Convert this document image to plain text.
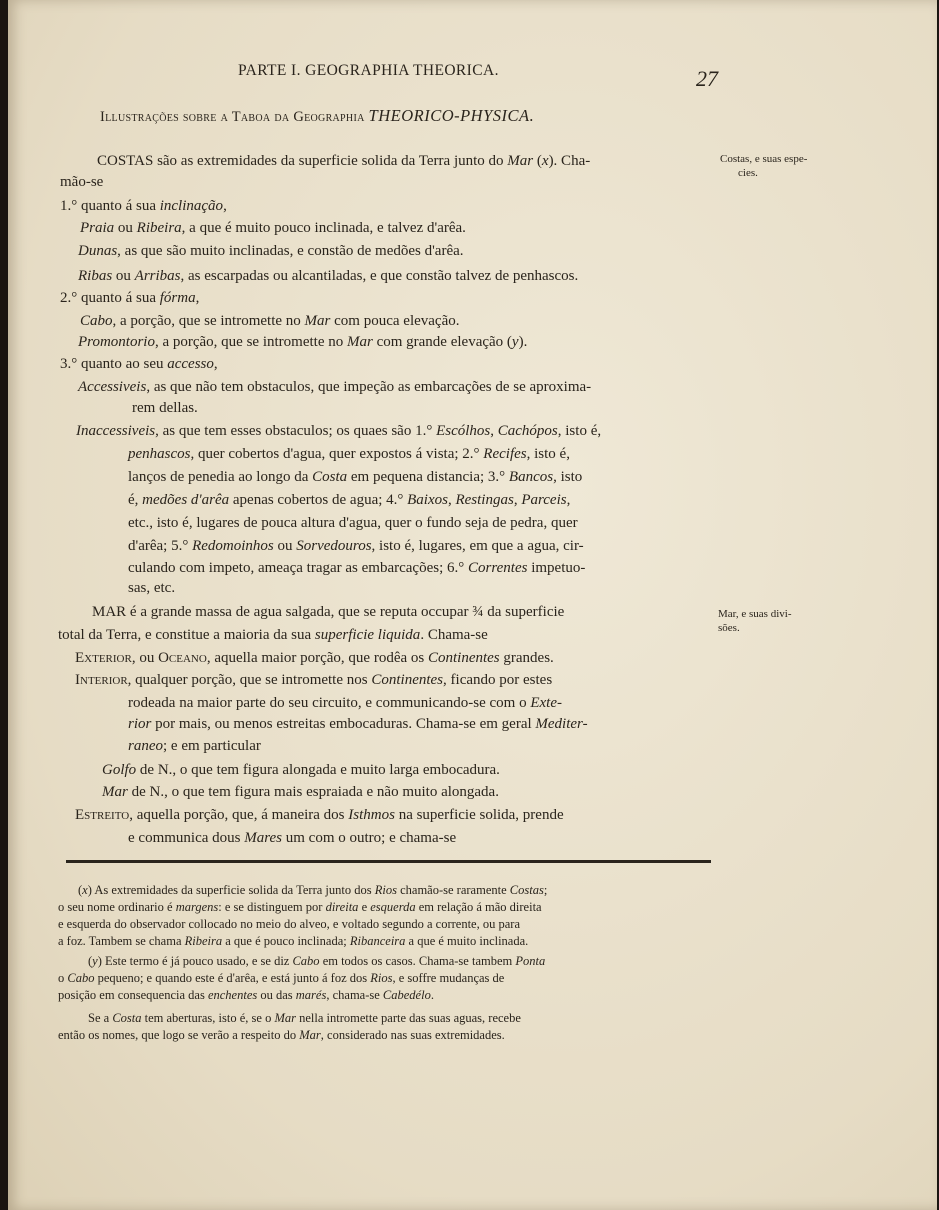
PARTE I. GEOGRAPHIA THEORICA.	27
Illustrações sobre a Taboa da Geographia THEORICO-PHYSICA.
COSTAS são as extremidades da superficie solida da Terra junto do Mar (x). Cha-
mão-se
1.° quanto á sua inclinação,
Praia ou Ribeira, a que é muito pouco inclinada, e talvez d'arêa.
Dunas, as que são muito inclinadas, e constão de medões d'arêa.
Ribas ou Arribas, as escarpadas ou alcantiladas, e que constão talvez de penhascos.
2.° quanto á sua fórma,
Cabo, a porção, que se intromette no Mar com pouca elevação.
Promontorio, a porção, que se intromette no Mar com grande elevação (y).
3.° quanto ao seu accesso,
Accessiveis, as que não tem obstaculos, que impeção as embarcações de se aproxima-
rem dellas.
Inaccessiveis, as que tem esses obstaculos; os quaes são 1.° Escólhos, Cachópos, isto é,
penhascos, quer cobertos d'agua, quer expostos á vista; 2.° Recifes, isto é,
lanços de penedia ao longo da Costa em pequena distancia; 3.° Bancos, isto
é, medões d'arêa apenas cobertos de agua; 4.° Baixos, Restingas, Parceis,
etc., isto é, lugares de pouca altura d'agua, quer o fundo seja de pedra, quer
d'arêa; 5.° Redomoinhos ou Sorvedouros, isto é, lugares, em que a agua, cir-
culando com impeto, ameaça tragar as embarcações; 6.° Correntes impetuo-
sas, etc.
MAR é a grande massa de agua salgada, que se reputa occupar ¾ da superficie
total da Terra, e constitue a maioria da sua superficie liquida. Chama-se
Exterior, ou Oceano, aquella maior porção, que rodêa os Continentes grandes.
Interior, qualquer porção, que se intromette nos Continentes, ficando por estes
rodeada na maior parte do seu circuito, e communicando-se com o Exte-
rior por mais, ou menos estreitas embocaduras. Chama-se em geral Mediter-
raneo; e em particular
Golfo de N., o que tem figura alongada e muito larga embocadura.
Mar de N., o que tem figura mais espraiada e não muito alongada.
Estreito, aquella porção, que, á maneira dos Isthmos na superficie solida, prende
e communica dous Mares um com o outro; e chama-se
Costas, e suas espe-
cies.
Mar, e suas divi-
sões.
(x) As extremidades da superficie solida da Terra junto dos Rios chamão-se raramente Costas;
o seu nome ordinario é margens: e se distinguem por direita e esquerda em relação á mão direita
e esquerda do observador collocado no meio do alveo, e voltado segundo a corrente, ou para
a foz. Tambem se chama Ribeira a que é pouco inclinada; Ribanceira a que é muito inclinada.
(y) Este termo é já pouco usado, e se diz Cabo em todos os casos. Chama-se tambem Ponta
o Cabo pequeno; e quando este é d'arêa, e está junto á foz dos Rios, e soffre mudanças de
posição em consequencia das enchentes ou das marés, chama-se Cabedélo.
Se a Costa tem aberturas, isto é, se o Mar nella intromette parte das suas aguas, recebe
então os nomes, que logo se verão a respeito do Mar, considerado nas suas extremidades.
